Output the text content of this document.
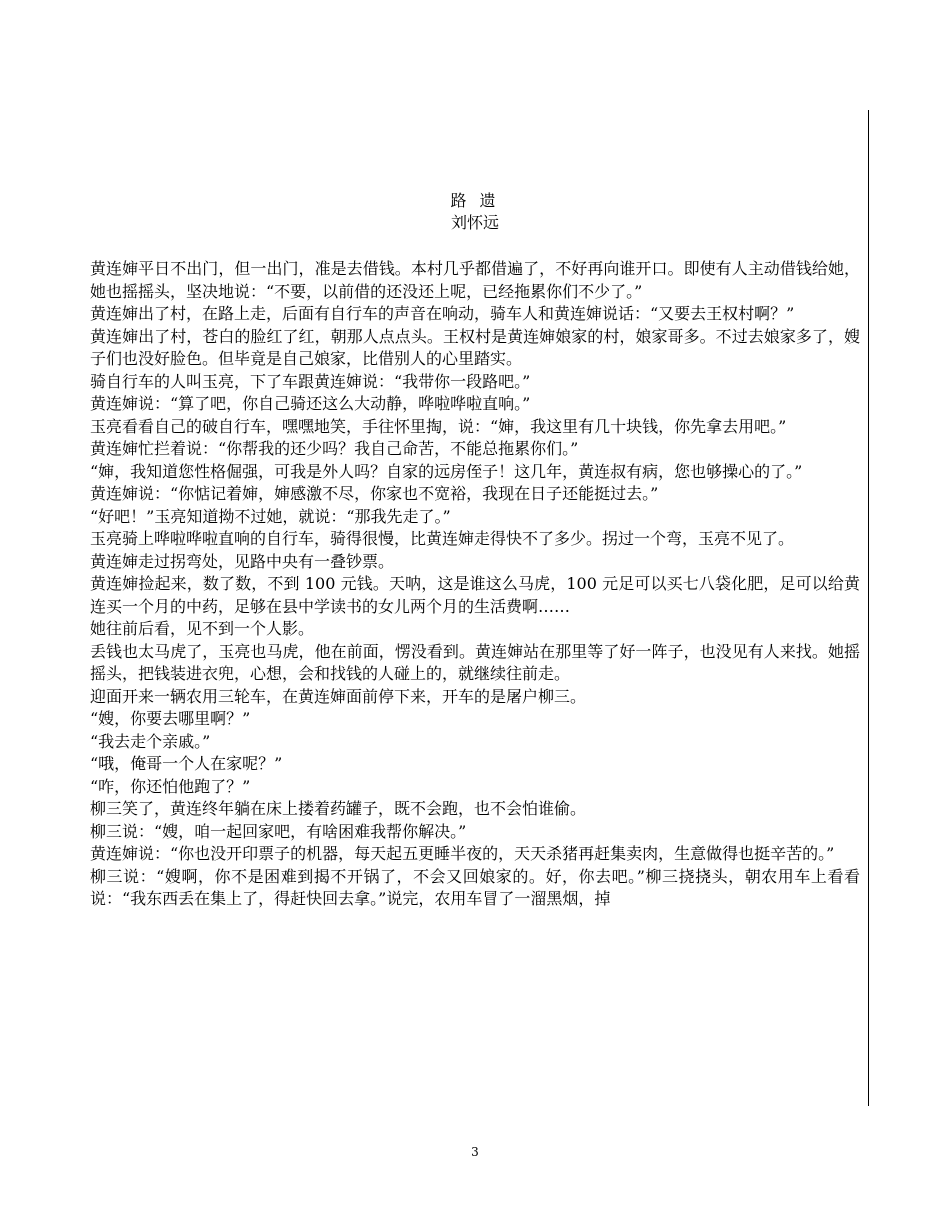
路 遗
刘怀远

黄连婶平日不出门，但一出门，准是去借钱。本村几乎都借遍了，不好再向谁开口。即使有人主动借钱给她，她也摇摇头，坚决地说：“不要，以前借的还没还上呢，已经拖累你们不少了。”

黄连婶出了村，在路上走，后面有自行车的声音在响动，骑车人和黄连婶说话：“又要去王权村啊？”

黄连婶出了村，苍白的脸红了红，朝那人点点头。王权村是黄连婶娘家的村，娘家哥多。不过去娘家多了，嫂子们也没好脸色。但毕竟是自己娘家，比借别人的心里踏实。

骑自行车的人叫玉亮，下了车跟黄连婶说：“我带你一段路吧。”

黄连婶说：“算了吧，你自己骑还这么大动静，哗啦哗啦直响。”

玉亮看看自己的破自行车，嘿嘿地笑，手往怀里掏，说：“婶，我这里有几十块钱，你先拿去用吧。”

黄连婶忙拦着说：“你帮我的还少吗？我自己命苦，不能总拖累你们。”

“婶，我知道您性格倔强，可我是外人吗？自家的远房侄子！这几年，黄连叔有病，您也够操心的了。”

黄连婶说：“你惦记着婶，婶感激不尽，你家也不宽裕，我现在日子还能挺过去。”

“好吧！”玉亮知道拗不过她，就说：“那我先走了。”

玉亮骑上哗啦哗啦直响的自行车，骑得很慢，比黄连婶走得快不了多少。拐过一个弯，玉亮不见了。

黄连婶走过拐弯处，见路中央有一叠钞票。

黄连婶捡起来，数了数，不到 100 元钱。天呐，这是谁这么马虎，100 元足可以买七八袋化肥，足可以给黄连买一个月的中药，足够在县中学读书的女儿两个月的生活费啊……

她往前后看，见不到一个人影。

丢钱也太马虎了，玉亮也马虎，他在前面，愣没看到。黄连婶站在那里等了好一阵子，也没见有人来找。她摇摇头，把钱装进衣兜，心想，会和找钱的人碰上的，就继续往前走。

迎面开来一辆农用三轮车，在黄连婶面前停下来，开车的是屠户柳三。

“嫂，你要去哪里啊？”

“我去走个亲戚。”

“哦，俺哥一个人在家呢？”

“咋，你还怕他跑了？”

柳三笑了，黄连终年躺在床上搂着药罐子，既不会跑，也不会怕谁偷。

柳三说：“嫂，咱一起回家吧，有啥困难我帮你解决。”

黄连婶说：“你也没开印票子的机器，每天起五更睡半夜的，天天杀猪再赶集卖肉，生意做得也挺辛苦的。”

柳三说：“嫂啊，你不是困难到揭不开锅了，不会又回娘家的。好，你去吧。”柳三挠挠头，朝农用车上看看说：“我东西丢在集上了，得赶快回去拿。”说完，农用车冒了一溜黑烟，掉

3
